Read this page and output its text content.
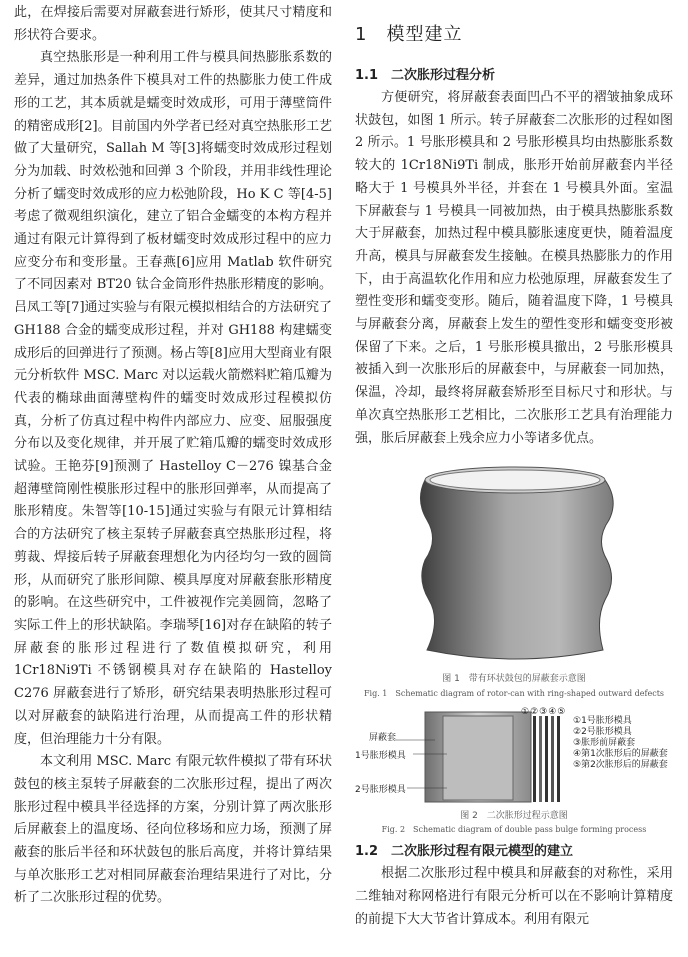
此，在焊接后需要对屏蔽套进行矫形，使其尺寸精度和形状符合要求。

真空热胀形是一种利用工件与模具间热膨胀系数的差异，通过加热条件下模具对工件的热膨胀力使工件成形的工艺，其本质就是蠕变时效成形，可用于薄壁筒件的精密成形[2]。目前国内外学者已经对真空热胀形工艺做了大量研究，Sallah M 等[3]将蠕变时效成形过程划分为加载、时效松弛和回弹 3 个阶段，并用非线性理论分析了蠕变时效成形的应力松弛阶段，Ho K C 等[4-5]考虑了微观组织演化，建立了铝合金蠕变的本构方程并通过有限元计算得到了板材蠕变时效成形过程中的应力应变分布和变形量。王春燕[6]应用 Matlab 软件研究了不同因素对 BT20 钛合金筒形件热胀形精度的影响。吕凤工等[7]通过实验与有限元模拟相结合的方法研究了 GH188 合金的蠕变成形过程，并对 GH188 构建蠕变成形后的回弹进行了预测。杨占等[8]应用大型商业有限元分析软件 MSC. Marc 对以运载火箭燃料贮箱瓜瓣为代表的椭球曲面薄壁构件的蠕变时效成形过程模拟仿真，分析了仿真过程中构件内部应力、应变、屈服强度分布以及变化规律，并开展了贮箱瓜瓣的蠕变时效成形试验。王艳芬[9]预测了 Hastelloy C－276 镍基合金超薄壁筒刚性模胀形过程中的胀形回弹率，从而提高了胀形精度。朱智等[10-15]通过实验与有限元计算相结合的方法研究了核主泵转子屏蔽套真空热胀形过程，将剪裁、焊接后转子屏蔽套理想化为内径均匀一致的圆筒形，从而研究了胀形间隙、模具厚度对屏蔽套胀形精度的影响。在这些研究中，工件被视作完美圆筒，忽略了实际工件上的形状缺陷。李瑞琴[16]对存在缺陷的转子屏蔽套的胀形过程进行了数值模拟研究，利用 1Cr18Ni9Ti 不锈钢模具对存在缺陷的 Hastelloy C276 屏蔽套进行了矫形，研究结果表明热胀形过程可以对屏蔽套的缺陷进行治理，从而提高工件的形状精度，但治理能力十分有限。

本文利用 MSC. Marc 有限元软件模拟了带有环状鼓包的核主泵转子屏蔽套的二次胀形过程，提出了两次胀形过程中模具半径选择的方案，分别计算了两次胀形后屏蔽套上的温度场、径向位移场和应力场，预测了屏蔽套的胀后半径和环状鼓包的胀后高度，并将计算结果与单次胀形工艺对相同屏蔽套治理结果进行了对比，分析了二次胀形过程的优势。

1　模型建立
1.1　二次胀形过程分析

方便研究，将屏蔽套表面凹凸不平的褶皱抽象成环状鼓包，如图 1 所示。转子屏蔽套二次胀形的过程如图 2 所示。1 号胀形模具和 2 号胀形模具均由热膨胀系数较大的 1Cr18Ni9Ti 制成，胀形开始前屏蔽套内半径略大于 1 号模具外半径，并套在 1 号模具外面。室温下屏蔽套与 1 号模具一同被加热，由于模具热膨胀系数大于屏蔽套，加热过程中模具膨胀速度更快，随着温度升高，模具与屏蔽套发生接触。在模具热膨胀力的作用下，由于高温软化作用和应力松弛原理，屏蔽套发生了塑性变形和蠕变变形。随后，随着温度下降，1 号模具与屏蔽套分离，屏蔽套上发生的塑性变形和蠕变变形被保留了下来。之后，1 号胀形模具撤出，2 号胀形模具被插入到一次胀形后的屏蔽套中，与屏蔽套一同加热，保温，冷却，最终将屏蔽套矫形至目标尺寸和形状。与单次真空热胀形工艺相比，二次胀形工艺具有治理能力强，胀后屏蔽套上残余应力小等诸多优点。

图 1　带有环状鼓包的屏蔽套示意图
Fig. 1　Schematic diagram of rotor-can with ring-shaped outward defects
①②③④⑤
屏蔽套
1号胀形模具
2号胀形模具
①1号胀形模具
②2号胀形模具
③胀形前屏蔽套
④第1次胀形后的屏蔽套
⑤第2次胀形后的屏蔽套
图 2　二次胀形过程示意图
Fig. 2　Schematic diagram of double pass bulge forming process
1.2　二次胀形过程有限元模型的建立

根据二次胀形过程中模具和屏蔽套的对称性，采用二维轴对称网格进行有限元分析可以在不影响计算精度的前提下大大节省计算成本。利用有限元
